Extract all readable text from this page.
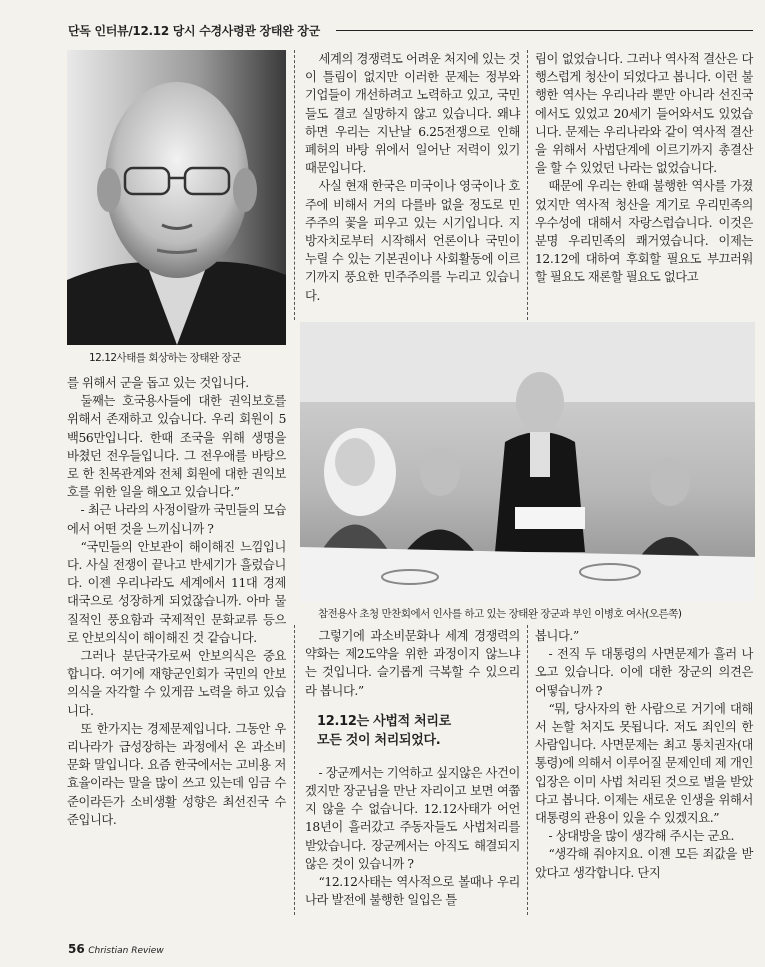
단독 인터뷰/12.12 당시 수경사령관 장태완 장군
12.12사태를 회상하는 장태완 장군

를 위해서 군을 돕고 있는 것입니다.

둘째는 호국용사들에 대한 권익보호를 위해서 존재하고 있습니다. 우리 회원이 5백56만입니다. 한때 조국을 위해 생명을 바쳤던 전우들입니다. 그 전우애를 바탕으로 한 친목관계와 전체 회원에 대한 권익보호를 위한 일을 해오고 있습니다.”

- 최근 나라의 사정이랄까 국민들의 모습에서 어떤 것을 느끼십니까 ?

“국민들의 안보관이 해이해진 느낌입니다. 사실 전쟁이 끝나고 반세기가 흘렀습니다. 이젠 우리나라도 세계에서 11대 경제대국으로 성장하게 되었잖습니까. 아마 물질적인 풍요함과 국제적인 문화교류 등으로 안보의식이 해이해진 것 같습니다.

그러나 분단국가로써 안보의식은 중요합니다. 여기에 재향군인회가 국민의 안보의식을 자각할 수 있게끔 노력을 하고 있습니다.

또 한가지는 경제문제입니다. 그동안 우리나라가 급성장하는 과정에서 온 과소비문화 말입니다. 요즘 한국에서는 고비용 저효율이라는 말을 많이 쓰고 있는데 임금 수준이라든가 소비생활 성향은 최선진국 수준입니다.

세계의 경쟁력도 어려운 처지에 있는 것이 틀림이 없지만 이러한 문제는 정부와 기업들이 개선하려고 노력하고 있고, 국민들도 결코 실망하지 않고 있습니다. 왜냐하면 우리는 지난날 6.25전쟁으로 인해 폐허의 바탕 위에서 일어난 저력이 있기 때문입니다.

사실 현재 한국은 미국이나 영국이나 호주에 비해서 거의 다를바 없을 정도로 민주주의 꽃을 피우고 있는 시기입니다. 지방자치로부터 시작해서 언론이나 국민이 누릴 수 있는 기본권이나 사회활동에 이르기까지 풍요한 민주주의를 누리고 있습니다.

림이 없었습니다. 그러나 역사적 결산은 다행스럽게 청산이 되었다고 봅니다. 이런 불행한 역사는 우리나라 뿐만 아니라 선진국에서도 있었고 20세기 들어와서도 있었습니다. 문제는 우리나라와 같이 역사적 결산을 위해서 사법단계에 이르기까지 총결산을 할 수 있었던 나라는 없었습니다.

때문에 우리는 한때 불행한 역사를 가졌었지만 역사적 청산을 계기로 우리민족의 우수성에 대해서 자랑스럽습니다. 이것은 분명 우리민족의 쾌거였습니다. 이제는 12.12에 대하여 후회할 필요도 부끄러워할 필요도 재론할 필요도 없다고

참전용사 초청 만찬회에서 인사를 하고 있는 장태완 장군과 부인 이병호 여사(오른쪽)

그렇기에 과소비문화나 세계 경쟁력의 약화는 제2도약을 위한 과정이지 않느냐는 것입니다. 슬기롭게 극복할 수 있으리라 봅니다.”

12.12는 사법적 처리로
모든 것이 처리되었다.

- 장군께서는 기억하고 싶지않은 사건이겠지만 장군님을 만난 자리이고 보면 여쭙지 않을 수 없습니다. 12.12사태가 어언 18년이 흘러갔고 주동자들도 사법처리를 받았습니다. 장군께서는 아직도 해결되지 않은 것이 있습니까 ?

“12.12사태는 역사적으로 볼때나 우리나라 발전에 불행한 일입은 틀

봅니다.”

- 전직 두 대통령의 사면문제가 흘러 나오고 있습니다. 이에 대한 장군의 의견은 어떻습니까 ?

“뭐, 당사자의 한 사람으로 거기에 대해서 논할 처지도 못됩니다. 저도 죄인의 한 사람입니다. 사면문제는 최고 통치권자(대통령)에 의해서 이루어질 문제인데 제 개인 입장은 이미 사법 처리된 것으로 벌을 받았다고 봅니다. 이제는 새로운 인생을 위해서 대통령의 관용이 있을 수 있겠지요.”

- 상대방을 많이 생각해 주시는 군요.

“생각해 줘야지요. 이젠 모든 죄값을 받았다고 생각합니다. 단지

56 Christian Review
